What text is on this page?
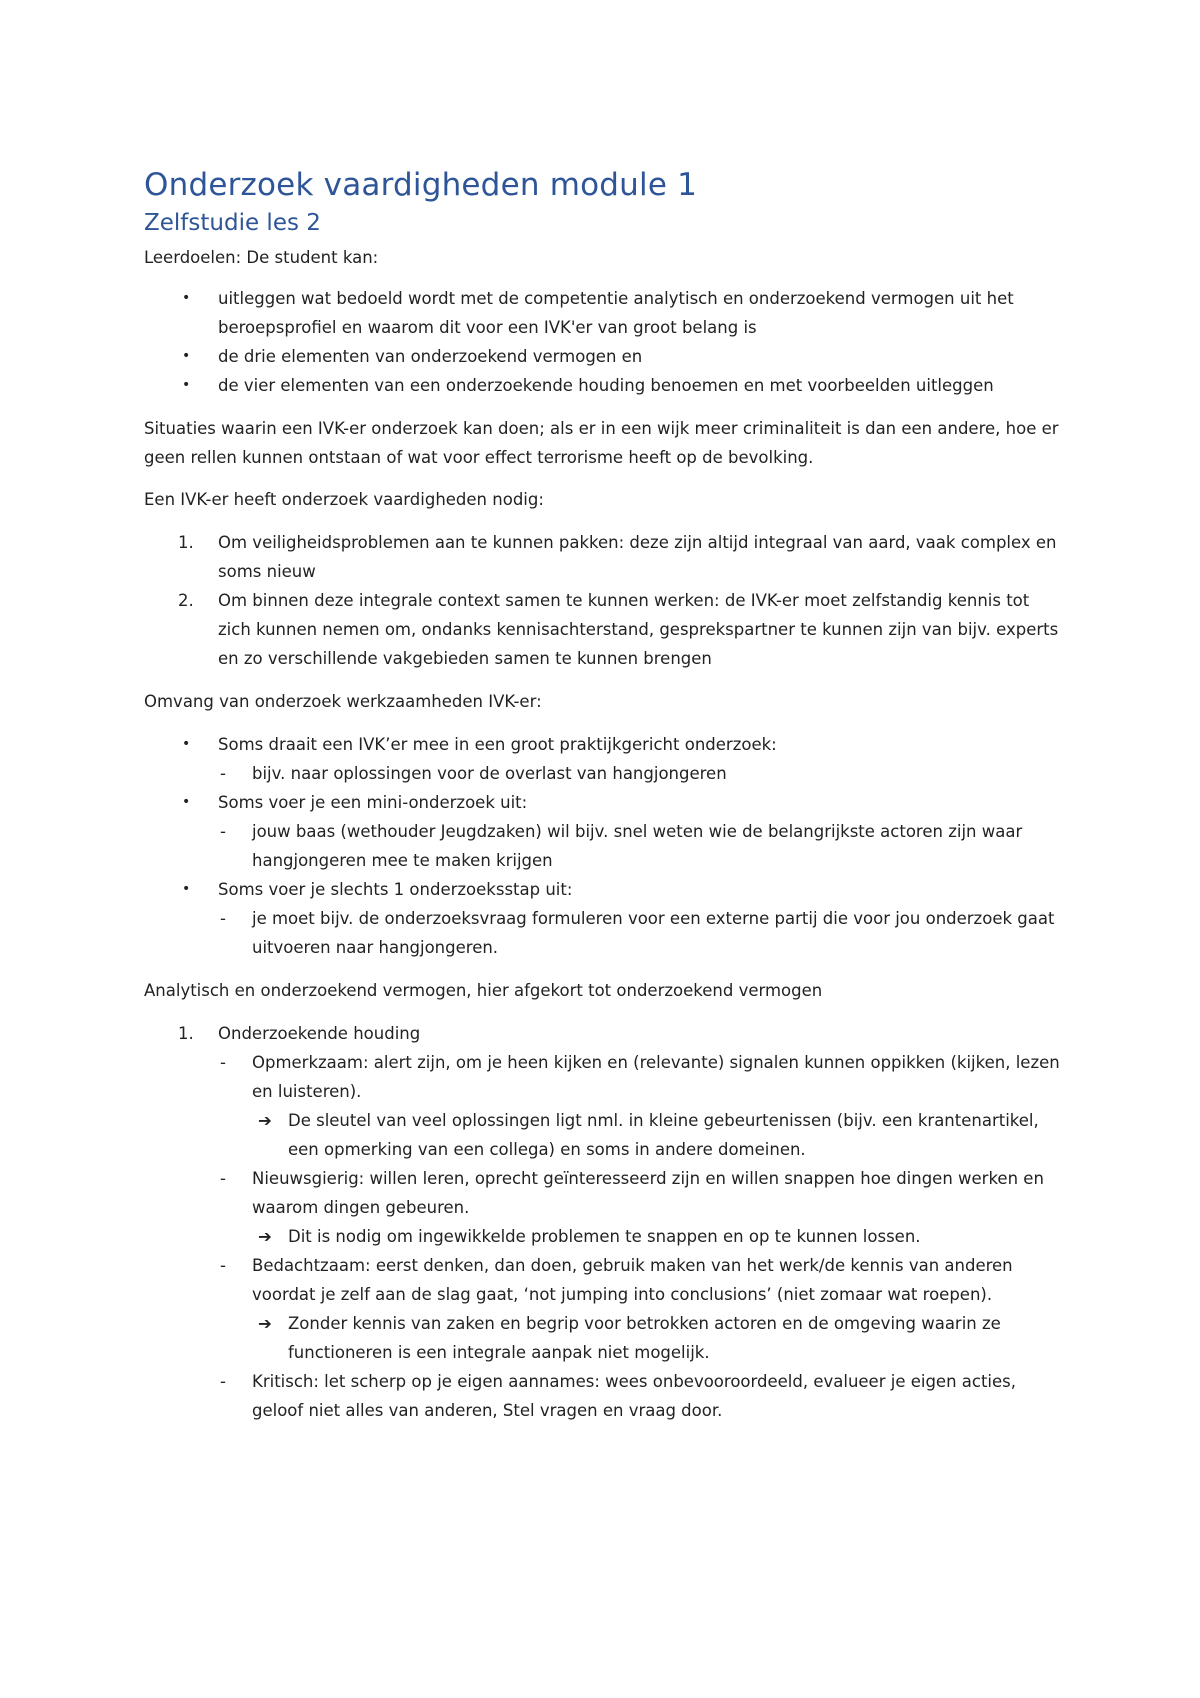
Onderzoek vaardigheden module 1
Zelfstudie les 2

Leerdoelen: De student kan:

• uitleggen wat bedoeld wordt met de competentie analytisch en onderzoekend vermogen uit het beroepsprofiel en waarom dit voor een IVK'er van groot belang is
• de drie elementen van onderzoekend vermogen en
• de vier elementen van een onderzoekende houding benoemen en met voorbeelden uitleggen

Situaties waarin een IVK-er onderzoek kan doen; als er in een wijk meer criminaliteit is dan een andere, hoe er geen rellen kunnen ontstaan of wat voor effect terrorisme heeft op de bevolking.

Een IVK-er heeft onderzoek vaardigheden nodig:

1. Om veiligheidsproblemen aan te kunnen pakken: deze zijn altijd integraal van aard, vaak complex en soms nieuw
2. Om binnen deze integrale context samen te kunnen werken: de IVK-er moet zelfstandig kennis tot zich kunnen nemen om, ondanks kennisachterstand, gesprekspartner te kunnen zijn van bijv. experts en zo verschillende vakgebieden samen te kunnen brengen

Omvang van onderzoek werkzaamheden IVK-er:

• Soms draait een IVK’er mee in een groot praktijkgericht onderzoek:
- bijv. naar oplossingen voor de overlast van hangjongeren
• Soms voer je een mini-onderzoek uit:
- jouw baas (wethouder Jeugdzaken) wil bijv. snel weten wie de belangrijkste actoren zijn waar hangjongeren mee te maken krijgen
• Soms voer je slechts 1 onderzoeksstap uit:
- je moet bijv. de onderzoeksvraag formuleren voor een externe partij die voor jou onderzoek gaat uitvoeren naar hangjongeren.

Analytisch en onderzoekend vermogen, hier afgekort tot onderzoekend vermogen

1. Onderzoekende houding
- Opmerkzaam: alert zijn, om je heen kijken en (relevante) signalen kunnen oppikken (kijken, lezen en luisteren).
➔ De sleutel van veel oplossingen ligt nml. in kleine gebeurtenissen (bijv. een krantenartikel, een opmerking van een collega) en soms in andere domeinen.
- Nieuwsgierig: willen leren, oprecht geïnteresseerd zijn en willen snappen hoe dingen werken en waarom dingen gebeuren.
➔ Dit is nodig om ingewikkelde problemen te snappen en op te kunnen lossen.
- Bedachtzaam: eerst denken, dan doen, gebruik maken van het werk/de kennis van anderen voordat je zelf aan de slag gaat, ‘not jumping into conclusions’ (niet zomaar wat roepen).
➔ Zonder kennis van zaken en begrip voor betrokken actoren en de omgeving waarin ze functioneren is een integrale aanpak niet mogelijk.
- Kritisch: let scherp op je eigen aannames: wees onbevooroordeeld, evalueer je eigen acties, geloof niet alles van anderen, Stel vragen en vraag door.
